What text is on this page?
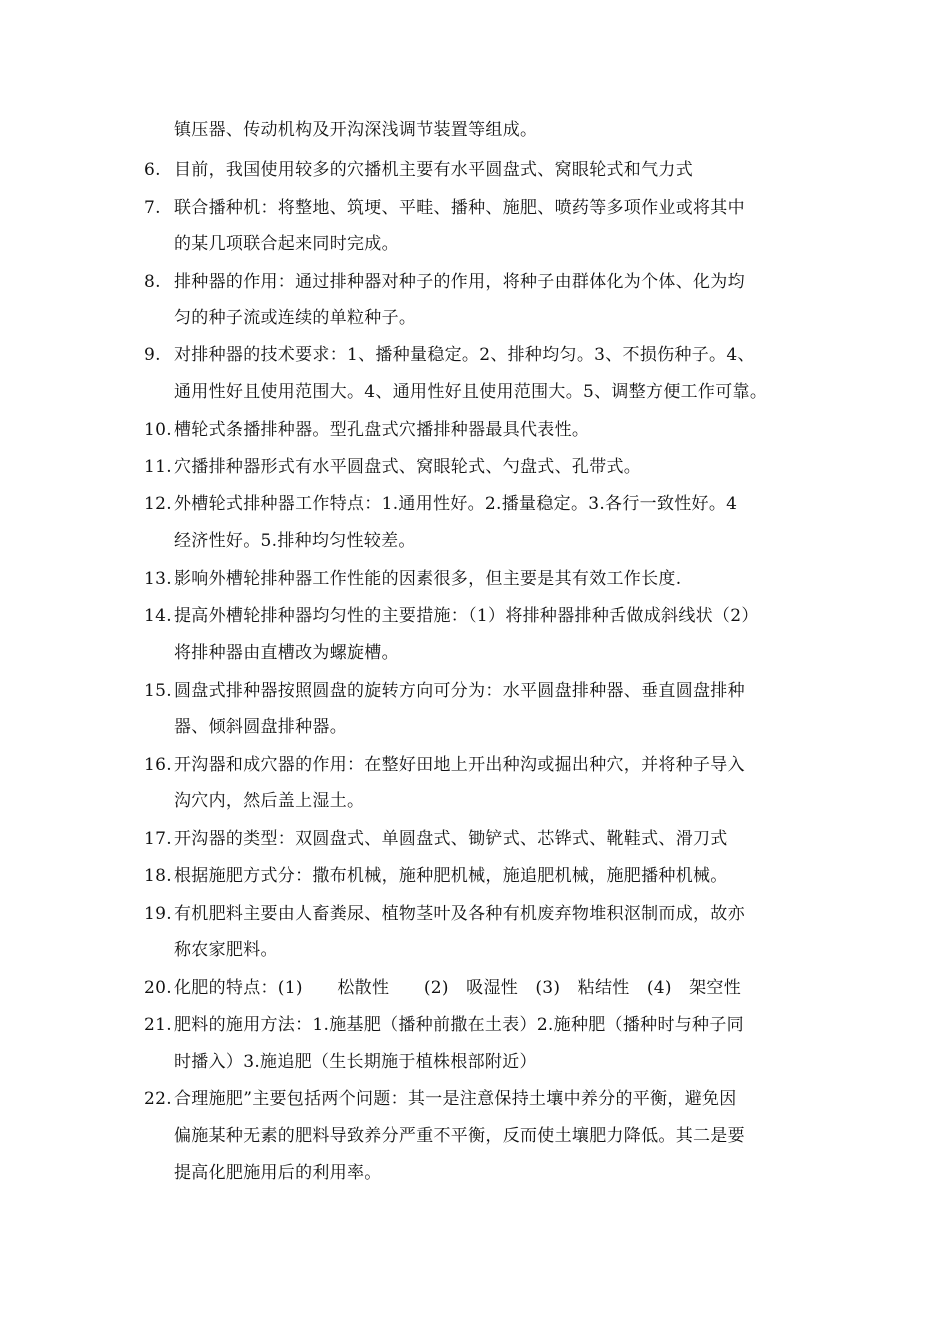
镇压器、传动机构及开沟深浅调节装置等组成。
6. 目前，我国使用较多的穴播机主要有水平圆盘式、窝眼轮式和气力式
7. 联合播种机：将整地、筑埂、平畦、播种、施肥、喷药等多项作业或将其中
的某几项联合起来同时完成。
8. 排种器的作用：通过排种器对种子的作用，将种子由群体化为个体、化为均
匀的种子流或连续的单粒种子。
9. 对排种器的技术要求：1、播种量稳定。2、排种均匀。3、不损伤种子。4、
通用性好且使用范围大。4、通用性好且使用范围大。5、调整方便工作可靠。
10. 槽轮式条播排种器。型孔盘式穴播排种器最具代表性。
11. 穴播排种器形式有水平圆盘式、窝眼轮式、勺盘式、孔带式。
12. 外槽轮式排种器工作特点：1.通用性好。2.播量稳定。3.各行一致性好。4
经济性好。5.排种均匀性较差。
13. 影响外槽轮排种器工作性能的因素很多，但主要是其有效工作长度.
14. 提高外槽轮排种器均匀性的主要措施：（1）将排种器排种舌做成斜线状（2）
将排种器由直槽改为螺旋槽。
15. 圆盘式排种器按照圆盘的旋转方向可分为：水平圆盘排种器、垂直圆盘排种
器、倾斜圆盘排种器。
16. 开沟器和成穴器的作用：在整好田地上开出种沟或掘出种穴，并将种子导入
沟穴内，然后盖上湿土。
17. 开沟器的类型：双圆盘式、单圆盘式、锄铲式、芯铧式、靴鞋式、滑刀式
18. 根据施肥方式分：撒布机械，施种肥机械，施追肥机械，施肥播种机械。
19. 有机肥料主要由人畜粪尿、植物茎叶及各种有机废弃物堆积沤制而成，故亦
称农家肥料。
20. 化肥的特点：(1)　　松散性　　(2)　吸湿性　(3)　粘结性　(4)　架空性
21. 肥料的施用方法：1.施基肥（播种前撒在土表）2.施种肥（播种时与种子同
时播入）3.施追肥（生长期施于植株根部附近）
22. 合理施肥”主要包括两个问题：其一是注意保持土壤中养分的平衡，避免因
偏施某种无素的肥料导致养分严重不平衡，反而使土壤肥力降低。其二是要
提高化肥施用后的利用率。
